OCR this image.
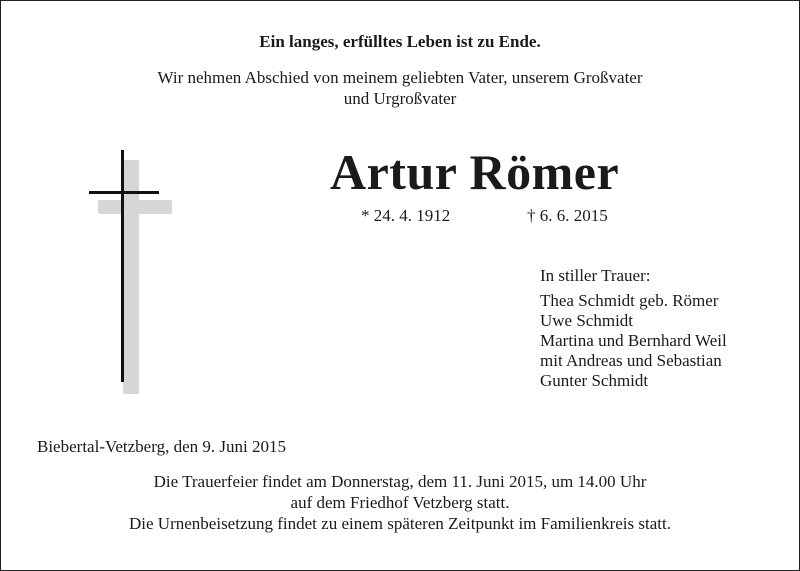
Ein langes, erfülltes Leben ist zu Ende.
Wir nehmen Abschied von meinem geliebten Vater, unserem Großvater
und Urgroßvater
Artur Römer
* 24. 4. 1912	† 6. 6. 2015
In stiller Trauer:
Thea Schmidt geb. Römer
Uwe Schmidt
Martina und Bernhard Weil
mit Andreas und Sebastian
Gunter Schmidt
Biebertal-Vetzberg, den 9. Juni 2015
Die Trauerfeier findet am Donnerstag, dem 11. Juni 2015, um 14.00 Uhr
auf dem Friedhof Vetzberg statt.
Die Urnenbeisetzung findet zu einem späteren Zeitpunkt im Familienkreis statt.
